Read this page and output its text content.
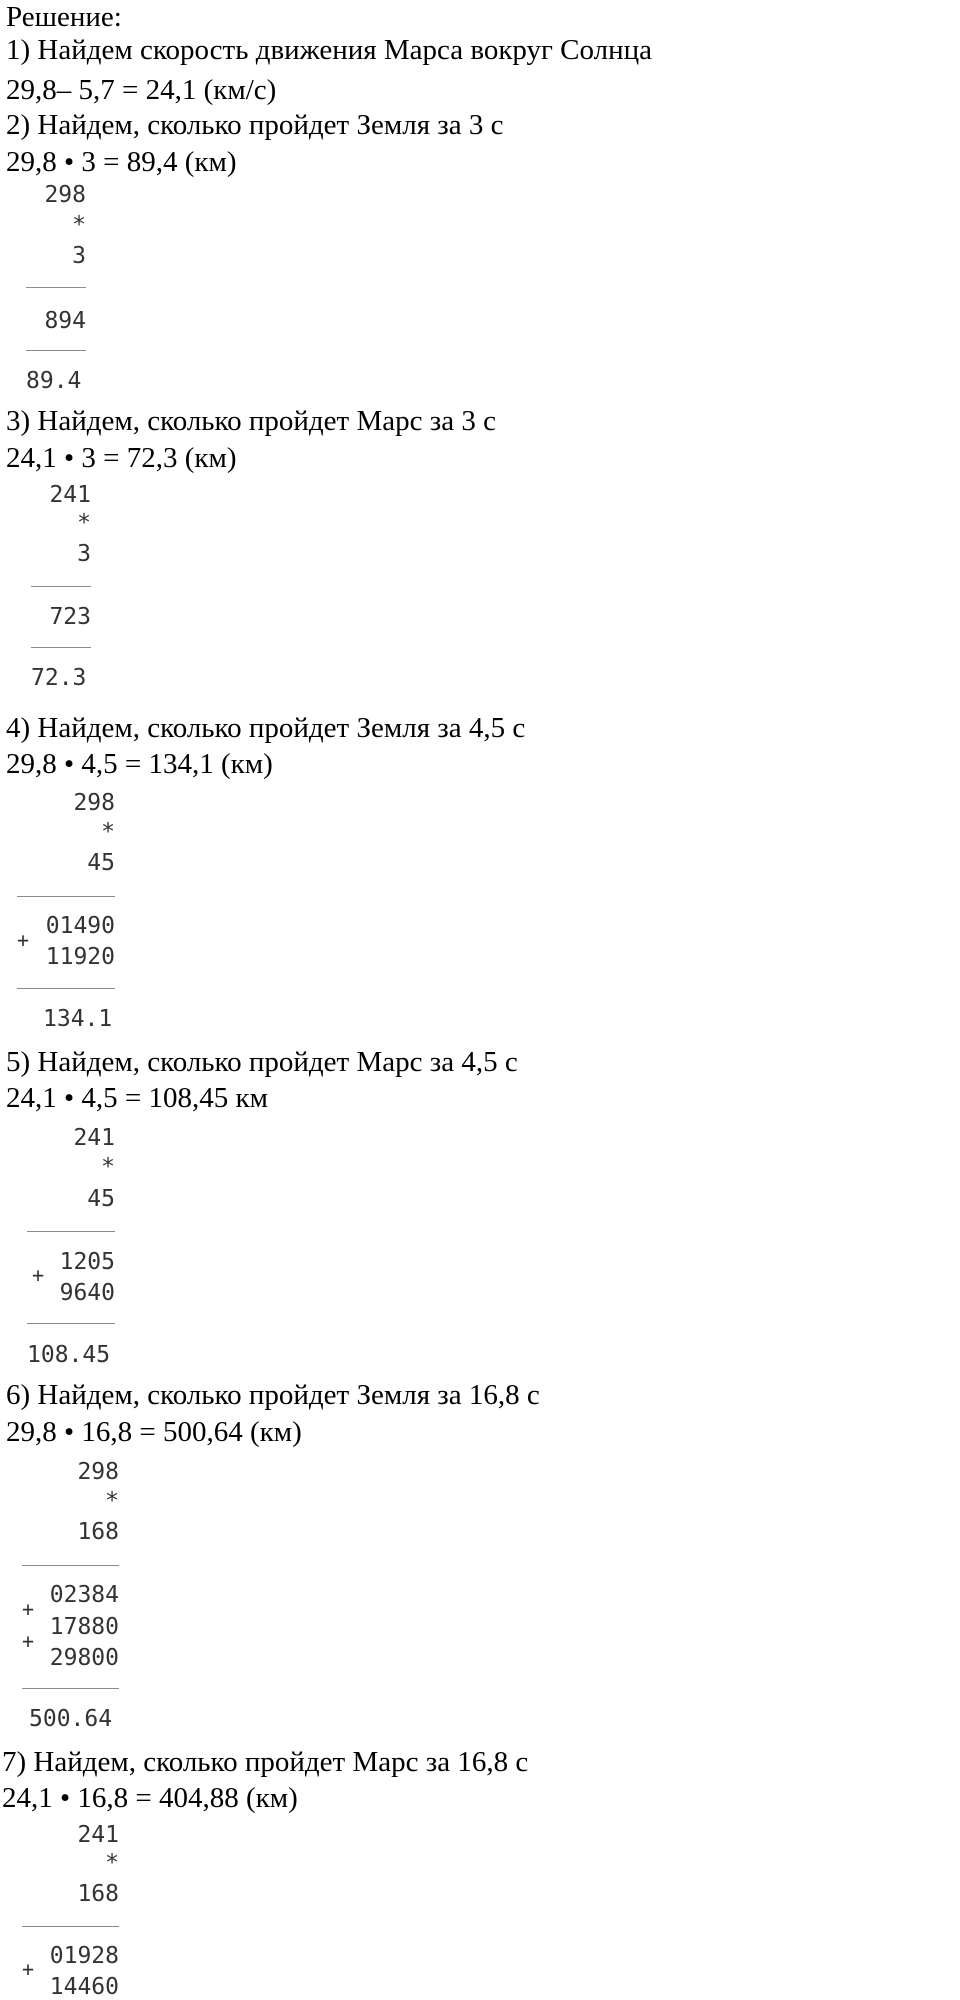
Решение:
1) Найдем скорость движения Марса вокруг Солнца
29,8– 5,7 = 24,1 (км/с)
2) Найдем, сколько пройдет Земля за 3 с
29,8 • 3 = 89,4 (км)
298
*
3
894
89.4
3) Найдем, сколько пройдет Марс за 3 с
24,1 • 3 = 72,3 (км)
241
*
3
723
72.3
4) Найдем, сколько пройдет Земля за 4,5 с
29,8 • 4,5 = 134,1 (км)
298
*
45
+
01490
11920
134.1
5) Найдем, сколько пройдет Марс за 4,5 с
24,1 • 4,5 = 108,45 км
241
*
45
+ 1205
9640
108.45
6) Найдем, сколько пройдет Земля за 16,8 с
29,8 • 16,8 = 500,64 (км)
298
*
168
+
+
02384
17880
29800
500.64
7) Найдем, сколько пройдет Марс за 16,8 с
24,1 • 16,8 = 404,88 (км)
241
*
168
+ 01928
14460
